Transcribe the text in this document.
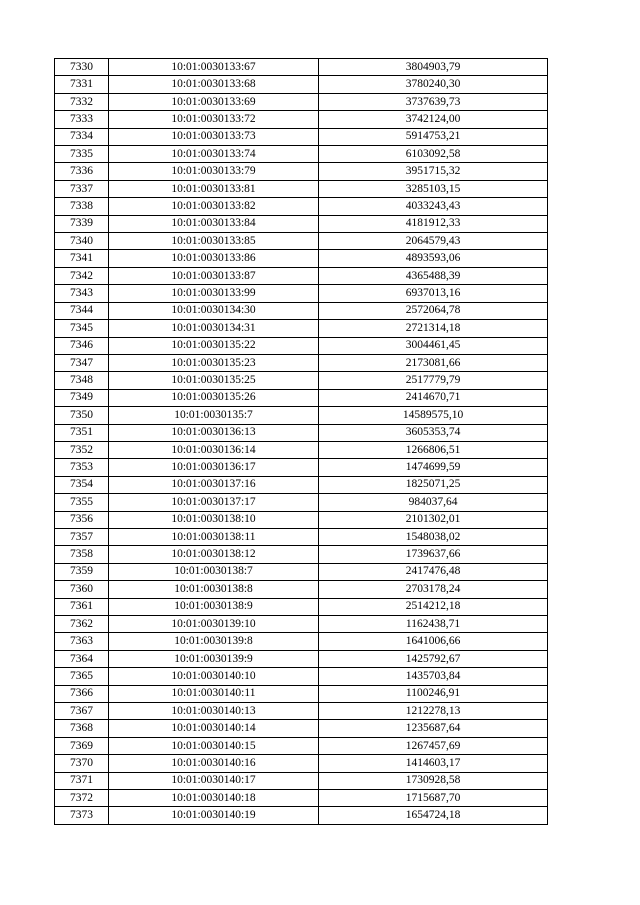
7330	10:01:0030133:67	3804903,79
7331	10:01:0030133:68	3780240,30
7332	10:01:0030133:69	3737639,73
7333	10:01:0030133:72	3742124,00
7334	10:01:0030133:73	5914753,21
7335	10:01:0030133:74	6103092,58
7336	10:01:0030133:79	3951715,32
7337	10:01:0030133:81	3285103,15
7338	10:01:0030133:82	4033243,43
7339	10:01:0030133:84	4181912,33
7340	10:01:0030133:85	2064579,43
7341	10:01:0030133:86	4893593,06
7342	10:01:0030133:87	4365488,39
7343	10:01:0030133:99	6937013,16
7344	10:01:0030134:30	2572064,78
7345	10:01:0030134:31	2721314,18
7346	10:01:0030135:22	3004461,45
7347	10:01:0030135:23	2173081,66
7348	10:01:0030135:25	2517779,79
7349	10:01:0030135:26	2414670,71
7350	10:01:0030135:7	14589575,10
7351	10:01:0030136:13	3605353,74
7352	10:01:0030136:14	1266806,51
7353	10:01:0030136:17	1474699,59
7354	10:01:0030137:16	1825071,25
7355	10:01:0030137:17	984037,64
7356	10:01:0030138:10	2101302,01
7357	10:01:0030138:11	1548038,02
7358	10:01:0030138:12	1739637,66
7359	10:01:0030138:7	2417476,48
7360	10:01:0030138:8	2703178,24
7361	10:01:0030138:9	2514212,18
7362	10:01:0030139:10	1162438,71
7363	10:01:0030139:8	1641006,66
7364	10:01:0030139:9	1425792,67
7365	10:01:0030140:10	1435703,84
7366	10:01:0030140:11	1100246,91
7367	10:01:0030140:13	1212278,13
7368	10:01:0030140:14	1235687,64
7369	10:01:0030140:15	1267457,69
7370	10:01:0030140:16	1414603,17
7371	10:01:0030140:17	1730928,58
7372	10:01:0030140:18	1715687,70
7373	10:01:0030140:19	1654724,18
